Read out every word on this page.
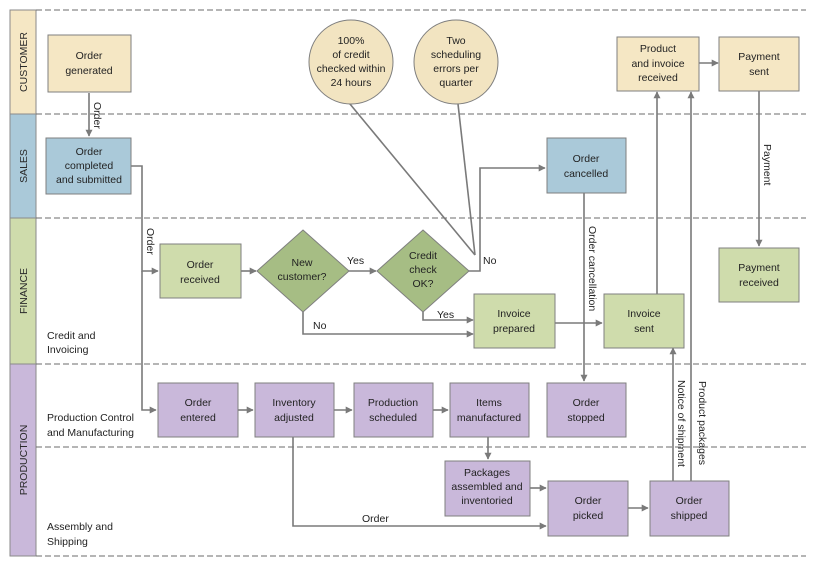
CUSTOMER
SALES
FINANCE
PRODUCTION
Credit and
Invoicing
Production Control
and Manufacturing
Assembly and
Shipping
Order
Order
Yes
No
Yes
No	Order cancellation
Payment
Notice of shipment Product packages
Order
100%
of credit
checked within
24 hours
Two
scheduling
errors per
quarter
Order
generated
Product
and invoice
received
Payment
sent
Order
completed
and submitted
Order
cancelled
Order
received
New
customer?
Credit
check
OK?
Invoice
prepared
Invoice
sent
Payment
received
Order
entered
Inventory
adjusted
Production
scheduled
Items
manufactured
Order
stopped
Packages
assembled and
inventoried	Order
picked
Order
shipped
